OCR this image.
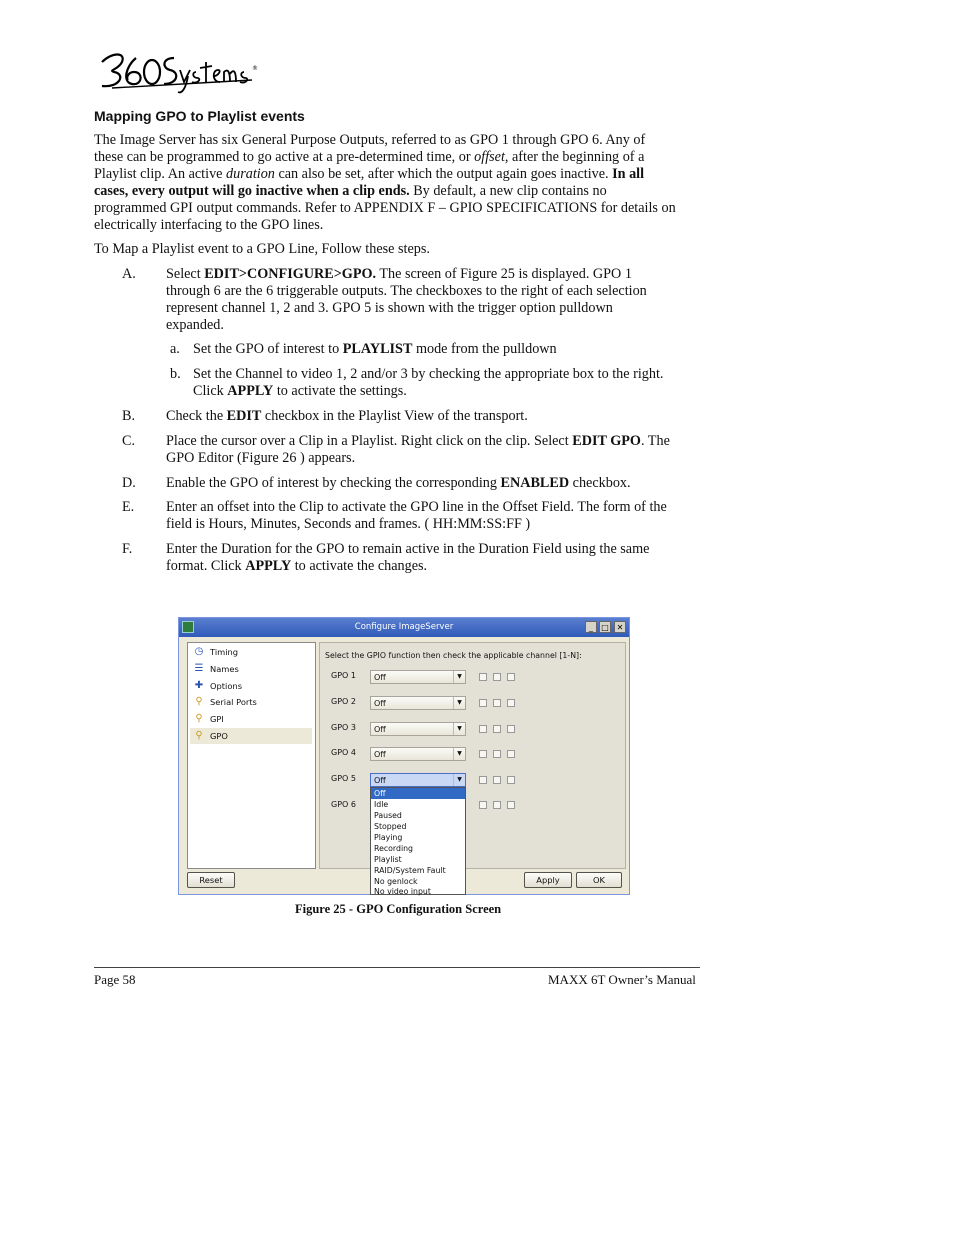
®
Mapping GPO to Playlist events
The Image Server has six General Purpose Outputs, referred to as GPO 1 through GPO 6. Any of
these can be programmed to go active at a pre-determined time, or offset, after the beginning of a
Playlist clip. An active duration can also be set, after which the output again goes inactive. In all
cases, every output will go inactive when a clip ends. By default, a new clip contains no
programmed GPI output commands. Refer to APPENDIX F – GPIO SPECIFICATIONS for details on
electrically interfacing to the GPO lines.
To Map a Playlist event to a GPO Line, Follow these steps.
A. Select EDIT>CONFIGURE>GPO. The screen of Figure 25 is displayed. GPO 1
through 6 are the 6 triggerable outputs. The checkboxes to the right of each selection
represent channel 1, 2 and 3. GPO 5 is shown with the trigger option pulldown
expanded.
a. Set the GPO of interest to PLAYLIST mode from the pulldown
b. Set the Channel to video 1, 2 and/or 3 by checking the appropriate box to the right.
Click APPLY to activate the settings.
B. Check the EDIT checkbox in the Playlist View of the transport.
C. Place the cursor over a Clip in a Playlist. Right click on the clip. Select EDIT GPO. The
GPO Editor (Figure 26 ) appears.
D. Enable the GPO of interest by checking the corresponding ENABLED checkbox.
E. Enter an offset into the Clip to activate the GPO line in the Offset Field. The form of the
field is Hours, Minutes, Seconds and frames. ( HH:MM:SS:FF )
F. Enter the Duration for the GPO to remain active in the Duration Field using the same
format. Click APPLY to activate the changes.
Configure ImageServer	_	□ ✕
◷ Timing
☰ Names
✚ Options
⚲ Serial Ports
⚲ GPI
⚲ GPO
Select the GPIO function then check the applicable channel [1-N]:
GPO 1	Off	▼
GPO 2	Off	▼
GPO 3	Off	▼
GPO 4	Off	▼
GPO 5	Off	▼
GPO 6
Off
Idle
Paused
Stopped
Playing
Recording
Playlist
RAID/System Fault
No genlock
No video input
Reset	Apply	OK
Figure 25 - GPO Configuration Screen
Page 58	MAXX 6T Owner’s Manual
